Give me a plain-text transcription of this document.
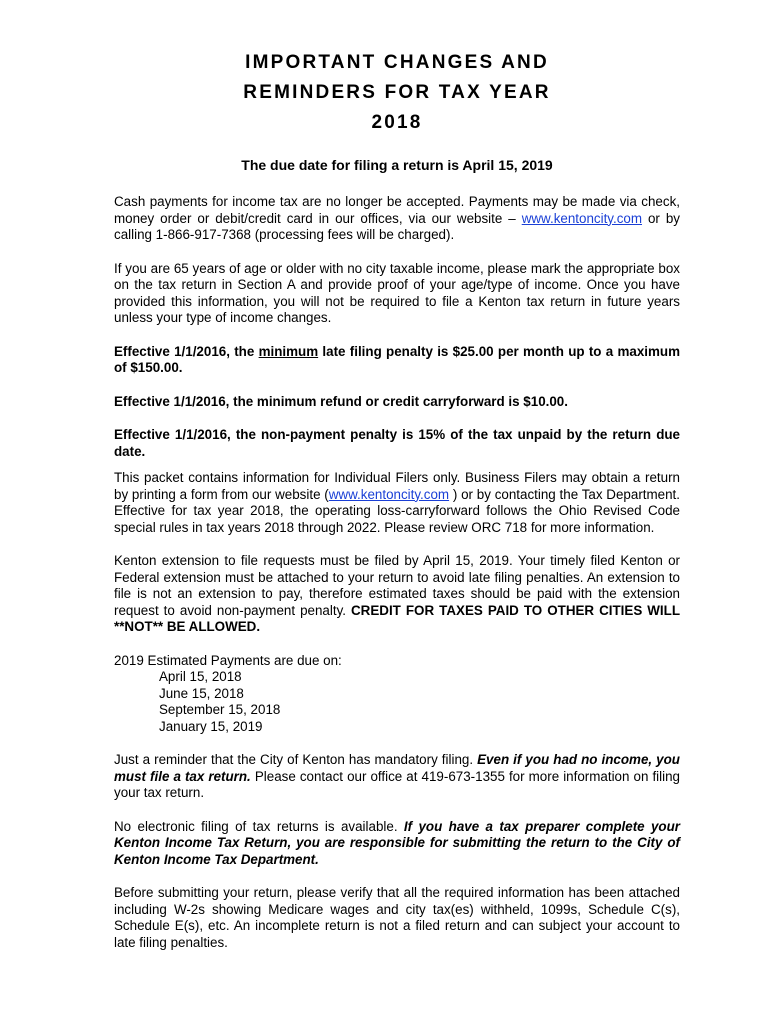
IMPORTANT CHANGES AND
REMINDERS FOR TAX YEAR
2018
The due date for filing a return is April 15, 2019

Cash payments for income tax are no longer be accepted. Payments may be made via check, money order or debit/credit card in our offices, via our website – www.kentoncity.com or by calling 1-866-917-7368 (processing fees will be charged).

If you are 65 years of age or older with no city taxable income, please mark the appropriate box on the tax return in Section A and provide proof of your age/type of income. Once you have provided this information, you will not be required to file a Kenton tax return in future years unless your type of income changes.

Effective 1/1/2016, the minimum late filing penalty is $25.00 per month up to a maximum of $150.00.

Effective 1/1/2016, the minimum refund or credit carryforward is $10.00.

Effective 1/1/2016, the non-payment penalty is 15% of the tax unpaid by the return due date.

This packet contains information for Individual Filers only. Business Filers may obtain a return by printing a form from our website (www.kentoncity.com ) or by contacting the Tax Department. Effective for tax year 2018, the operating loss-carryforward follows the Ohio Revised Code special rules in tax years 2018 through 2022. Please review ORC 718 for more information.

Kenton extension to file requests must be filed by April 15, 2019. Your timely filed Kenton or Federal extension must be attached to your return to avoid late filing penalties. An extension to file is not an extension to pay, therefore estimated taxes should be paid with the extension request to avoid non-payment penalty. CREDIT FOR TAXES PAID TO OTHER CITIES WILL **NOT** BE ALLOWED.

2019 Estimated Payments are due on:

April 15, 2018
June 15, 2018
September 15, 2018
January 15, 2019

Just a reminder that the City of Kenton has mandatory filing. Even if you had no income, you must file a tax return. Please contact our office at 419-673-1355 for more information on filing your tax return.

No electronic filing of tax returns is available. If you have a tax preparer complete your Kenton Income Tax Return, you are responsible for submitting the return to the City of Kenton Income Tax Department.

Before submitting your return, please verify that all the required information has been attached including W-2s showing Medicare wages and city tax(es) withheld, 1099s, Schedule C(s), Schedule E(s), etc. An incomplete return is not a filed return and can subject your account to late filing penalties.
